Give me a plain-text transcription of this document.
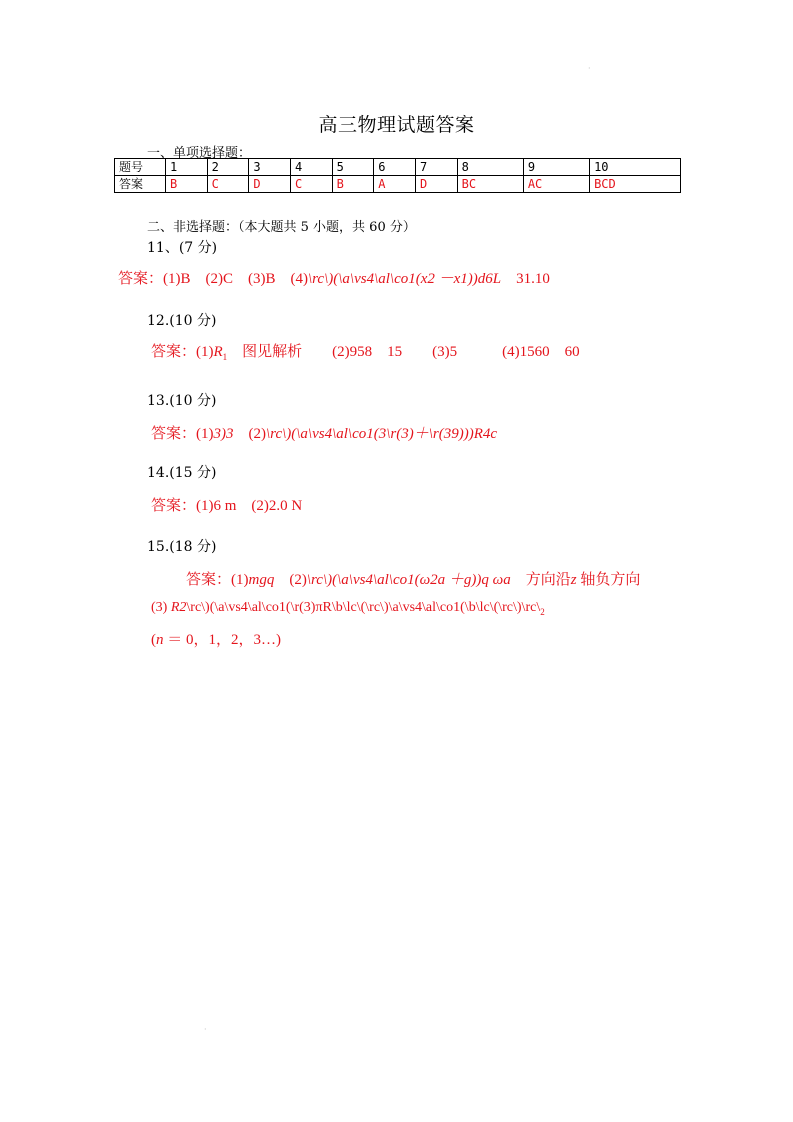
·
高三物理试题答案
一、单项选择题：
题号	1	2	3	4	5	6	7	8	9	10
答案	B	C	D	C	B	A	D	BC	AC	BCD
二、非选择题：（本大题共 5 小题，共 60 分）
11、(7 分)
答案：(1)B　(2)C　(3)B　(4)\rc\)(\a\vs4\al\co1(x2 －x1))d6L　31.10
12.(10 分)
答案：$(1)R_1$　图见解析　　(2)958　15　　(3)5　　　(4)1560　60
13.(10 分)
答案：(1)3)3　(2)\rc\)(\a\vs4\al\co1(3\r(3)＋\r(39)))R4c
14.(15 分)
答案：(1)6 m　(2)2.0 N
15.(18 分)
答案：(1)mgq　(2)\rc\)(\a\vs4\al\co1(ω2a ＋g))q ωa　方向沿z 轴负方向
(3) $R2\backslash rc\backslash)(\backslash a\backslash vs4\backslash al\backslash co1(\backslash r(3)\pi R\backslash b\backslash lc\backslash(\backslash rc\backslash)\backslash a\backslash vs4\backslash al\backslash co1(\backslash b\backslash lc\backslash(\backslash rc\backslash)\backslash rc\backslash_2$
(n ＝ 0，1，2，3…)
·
